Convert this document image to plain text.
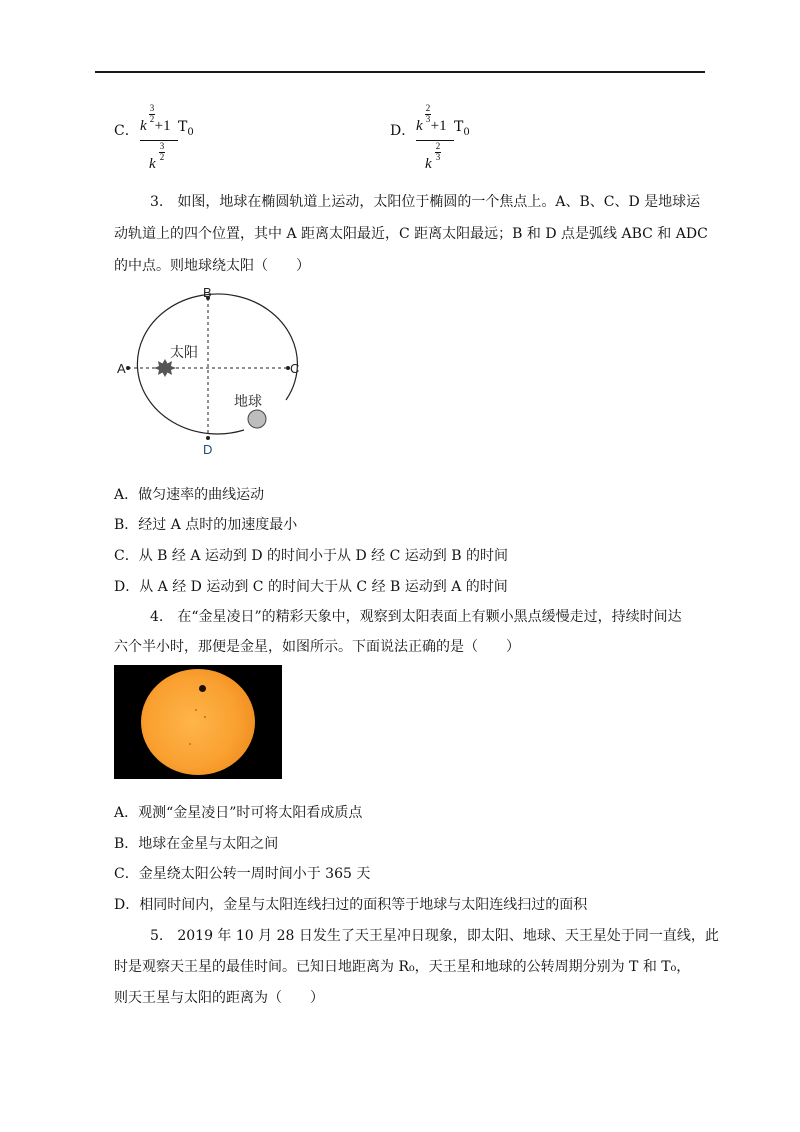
C．
3
2
k +1
3
2
k
$T_0$	D．
2
3
k +1
2
3
k
$T_0$
3.　如图，地球在椭圆轨道上运动，太阳位于椭圆的一个焦点上。A、B、C、D 是地球运
动轨道上的四个位置，其中 A 距离太阳最近，C 距离太阳最远；B 和 D 点是弧线 ABC 和 ADC
的中点。则地球绕太阳（　　）
A
B
C
D
太阳
地球
A．做匀速率的曲线运动
B．经过 A 点时的加速度最小
C．从 B 经 A 运动到 D 的时间小于从 D 经 C 运动到 B 的时间
D．从 A 经 D 运动到 C 的时间大于从 C 经 B 运动到 A 的时间
4.　在“金星凌日”的精彩天象中，观察到太阳表面上有颗小黑点缓慢走过，持续时间达
六个半小时，那便是金星，如图所示。下面说法正确的是（　　）
A．观测“金星凌日”时可将太阳看成质点
B．地球在金星与太阳之间
C．金星绕太阳公转一周时间小于 365 天
D．相同时间内，金星与太阳连线扫过的面积等于地球与太阳连线扫过的面积
5.　2019 年 10 月 28 日发生了天王星冲日现象，即太阳、地球、天王星处于同一直线，此
时是观察天王星的最佳时间。已知日地距离为 R₀，天王星和地球的公转周期分别为 T 和 T₀，
则天王星与太阳的距离为（　　）
